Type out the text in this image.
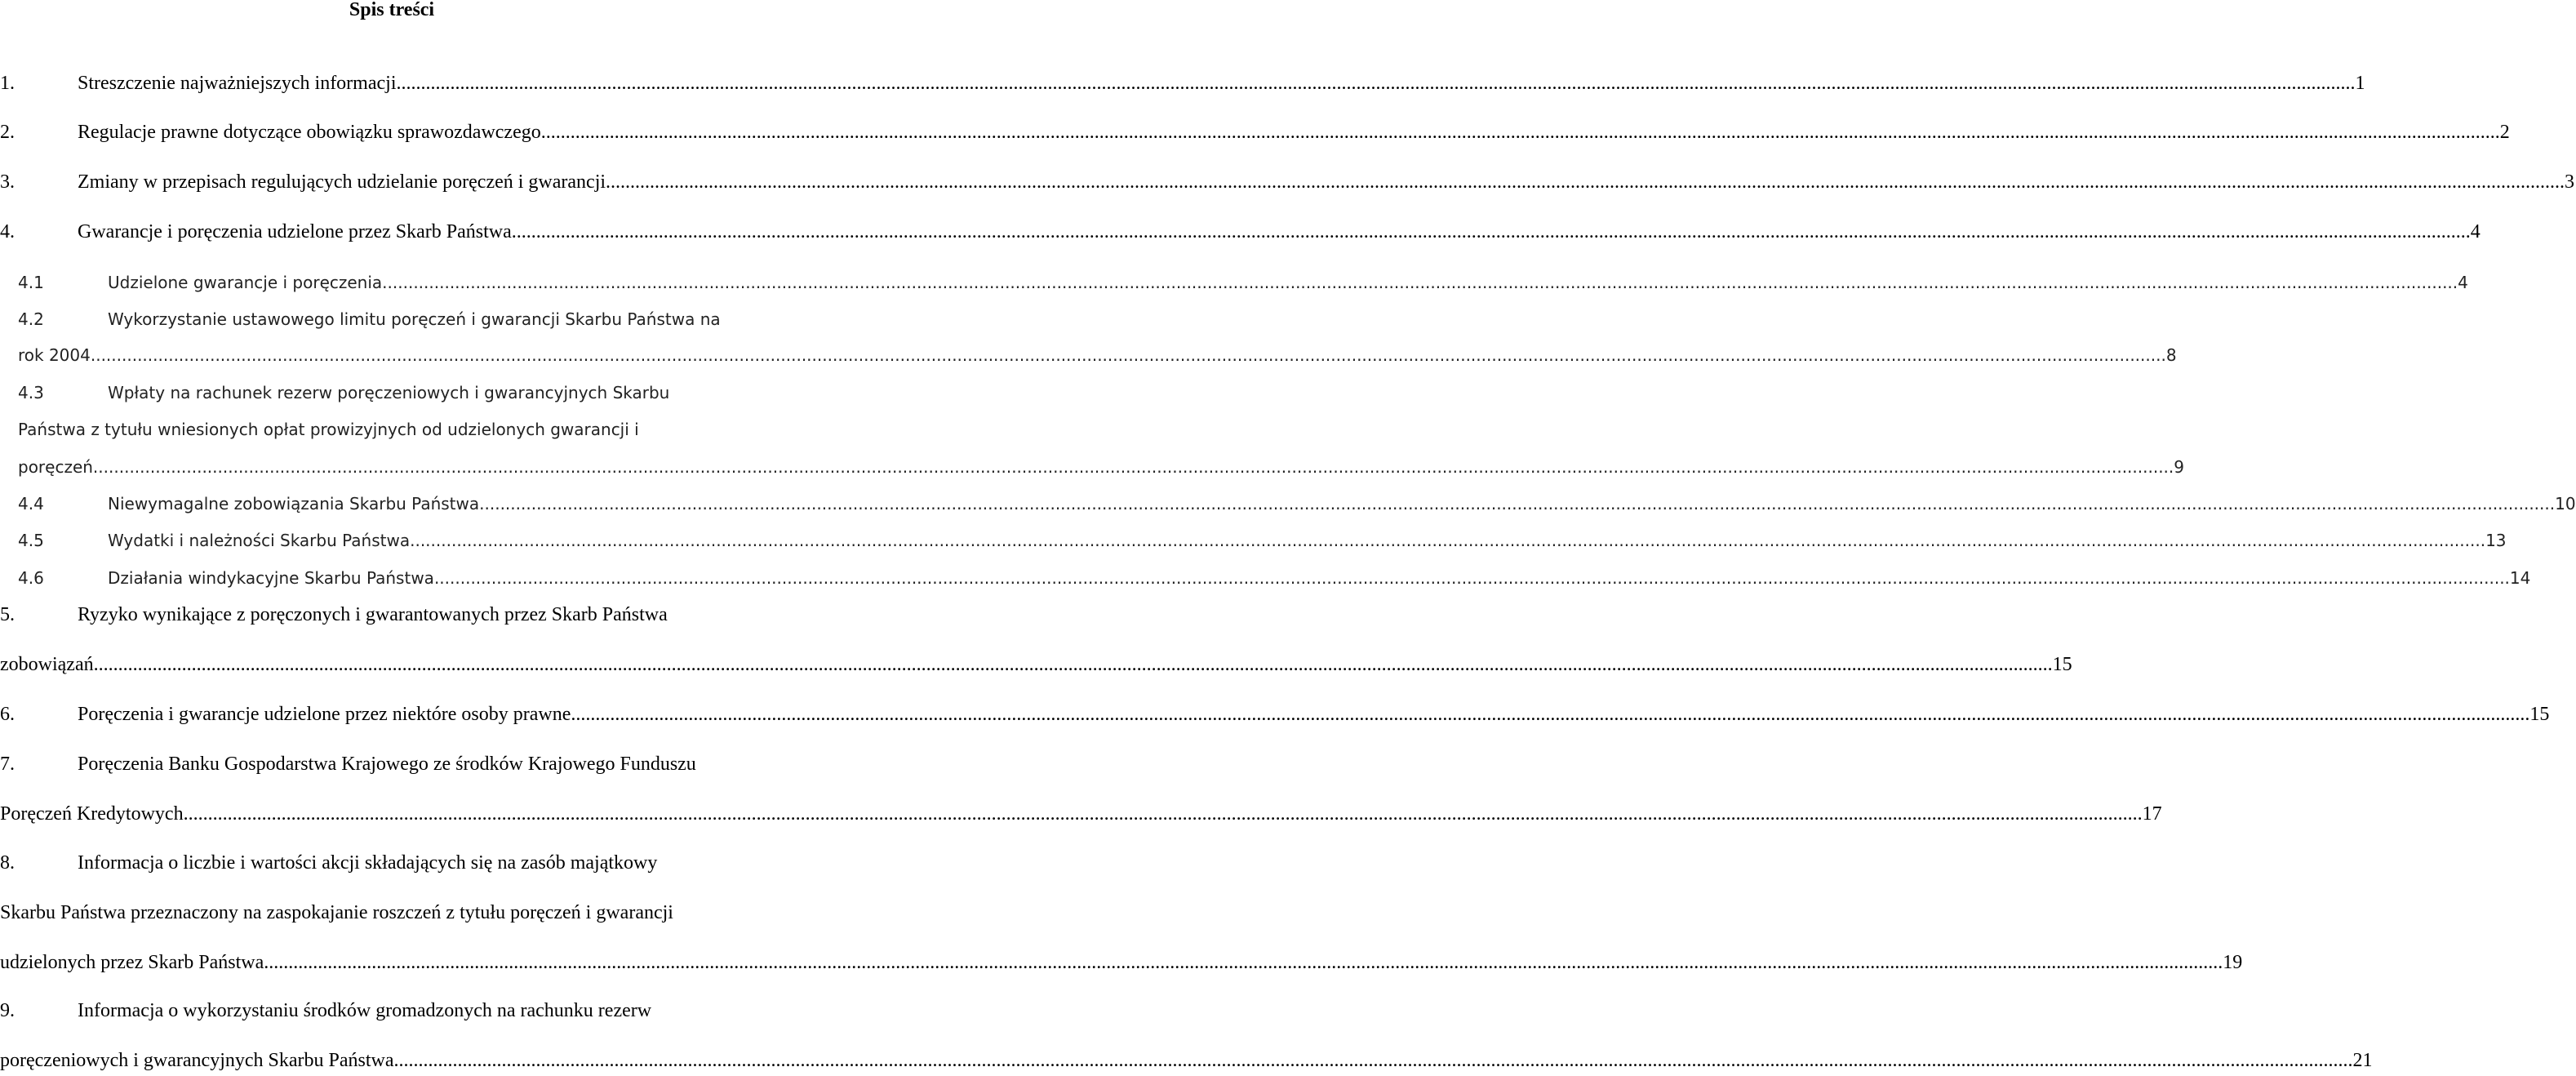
Spis treści
1.	Streszczenie najważniejszych informacji ................................................................................................................................................................................................................................................................................................................................................................................................................ 1
2.	Regulacje prawne dotyczące obowiązku sprawozdawczego ................................................................................................................................................................................................................................................................................................................................................................................................................ 2
3.	Zmiany w przepisach regulujących udzielanie poręczeń i gwarancji ................................................................................................................................................................................................................................................................................................................................................................................................................ 3
4.	Gwarancje i poręczenia udzielone przez Skarb Państwa ................................................................................................................................................................................................................................................................................................................................................................................................................ 4
4.1	Udzielone gwarancje i poręczenia ................................................................................................................................................................................................................................................................................................................................................................................................................ 4
4.2	Wykorzystanie ustawowego limitu poręczeń i gwarancji Skarbu Państwa na
rok 2004 ................................................................................................................................................................................................................................................................................................................................................................................................................ 8
4.3	Wpłaty na rachunek rezerw poręczeniowych i gwarancyjnych Skarbu
Państwa z tytułu wniesionych opłat prowizyjnych od udzielonych gwarancji i
poręczeń. ................................................................................................................................................................................................................................................................................................................................................................................................................ 9
4.4	Niewymagalne zobowiązania Skarbu Państwa ................................................................................................................................................................................................................................................................................................................................................................................................................ 10
4.5	Wydatki i należności Skarbu Państwa ................................................................................................................................................................................................................................................................................................................................................................................................................ 13
4.6	Działania windykacyjne Skarbu Państwa ................................................................................................................................................................................................................................................................................................................................................................................................................ 14
5.	Ryzyko wynikające z poręczonych i gwarantowanych przez Skarb Państwa
zobowiązań ................................................................................................................................................................................................................................................................................................................................................................................................................ 15
6.	Poręczenia i gwarancje udzielone przez niektóre osoby prawne ................................................................................................................................................................................................................................................................................................................................................................................................................ 15
7.	Poręczenia Banku Gospodarstwa Krajowego ze środków Krajowego Funduszu
Poręczeń Kredytowych ................................................................................................................................................................................................................................................................................................................................................................................................................ 17
8.	Informacja o liczbie i wartości akcji składających się na zasób majątkowy
Skarbu Państwa przeznaczony na zaspokajanie roszczeń z tytułu poręczeń i gwarancji
udzielonych przez Skarb Państwa ................................................................................................................................................................................................................................................................................................................................................................................................................ 19
9.	Informacja o wykorzystaniu środków gromadzonych na rachunku rezerw
poręczeniowych i gwarancyjnych Skarbu Państwa ................................................................................................................................................................................................................................................................................................................................................................................................................ 21
